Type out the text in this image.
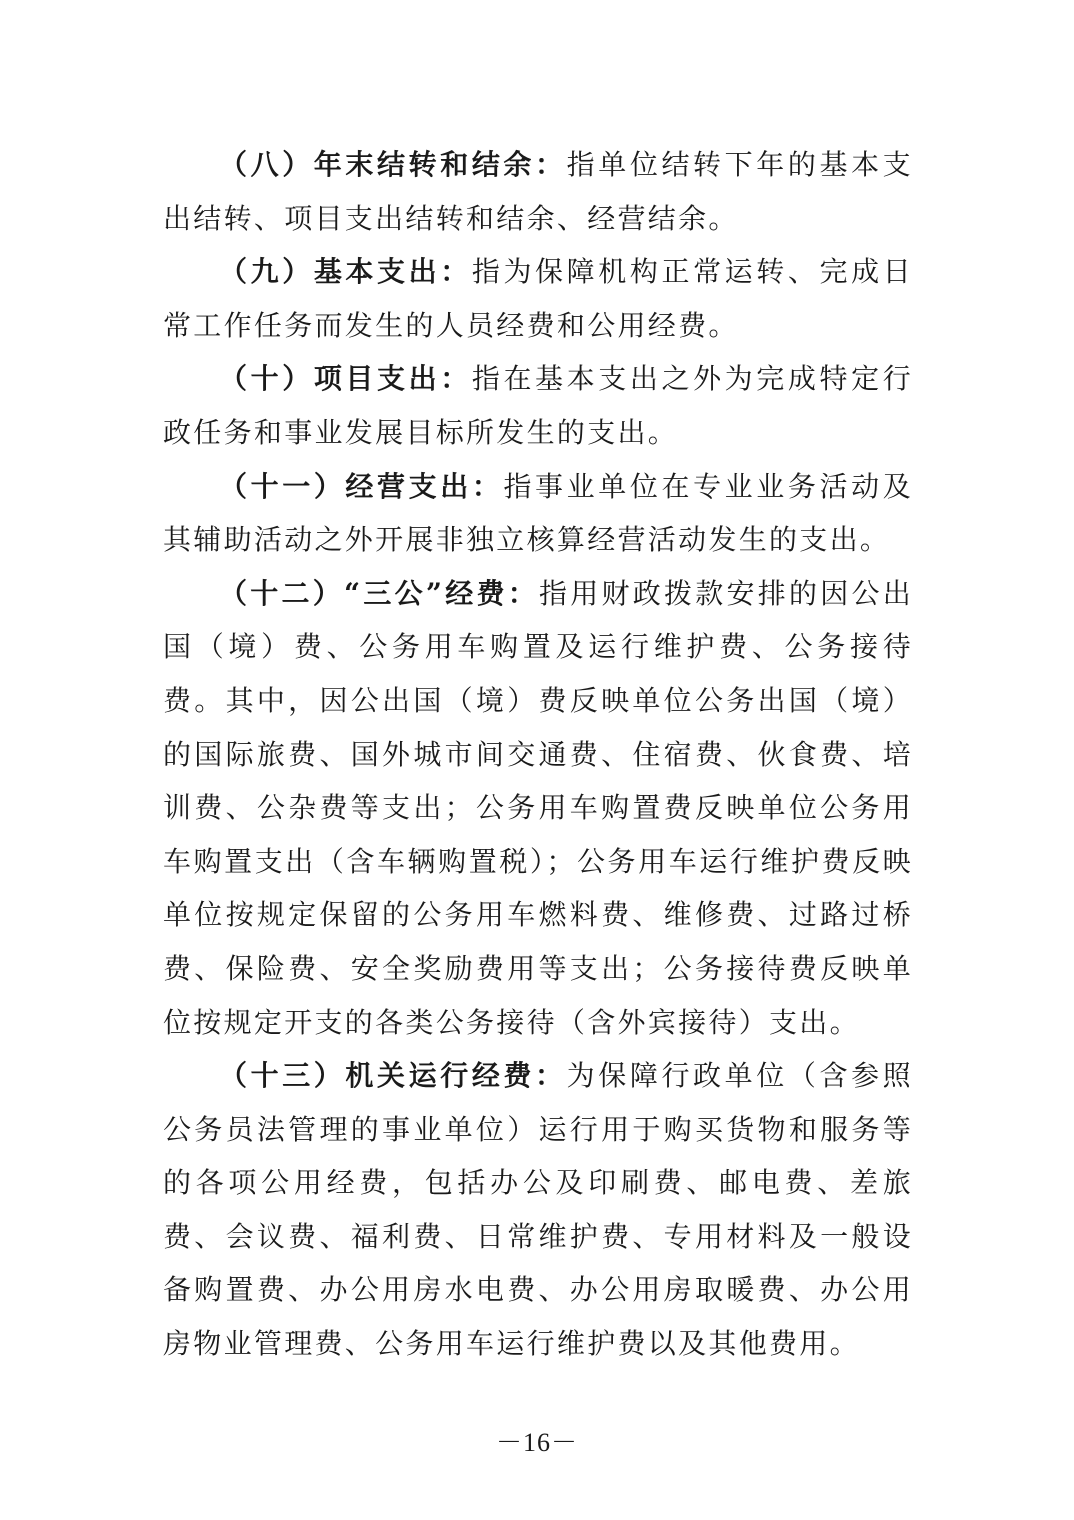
（八）年末结转和结余：指单位结转下年的基本支出结转、项目支出结转和结余、经营结余。

（九）基本支出：指为保障机构正常运转、完成日常工作任务而发生的人员经费和公用经费。

（十）项目支出：指在基本支出之外为完成特定行政任务和事业发展目标所发生的支出。

（十一）经营支出：指事业单位在专业业务活动及其辅助活动之外开展非独立核算经营活动发生的支出。

（十二）“三公”经费：指用财政拨款安排的因公出国（境）费、公务用车购置及运行维护费、公务接待费。其中，因公出国（境）费反映单位公务出国（境）的国际旅费、国外城市间交通费、住宿费、伙食费、培训费、公杂费等支出；公务用车购置费反映单位公务用车购置支出（含车辆购置税）；公务用车运行维护费反映单位按规定保留的公务用车燃料费、维修费、过路过桥费、保险费、安全奖励费用等支出；公务接待费反映单位按规定开支的各类公务接待（含外宾接待）支出。

（十三）机关运行经费：为保障行政单位（含参照公务员法管理的事业单位）运行用于购买货物和服务等的各项公用经费，包括办公及印刷费、邮电费、差旅费、会议费、福利费、日常维护费、专用材料及一般设备购置费、办公用房水电费、办公用房取暖费、办公用房物业管理费、公务用车运行维护费以及其他费用。

－16－
